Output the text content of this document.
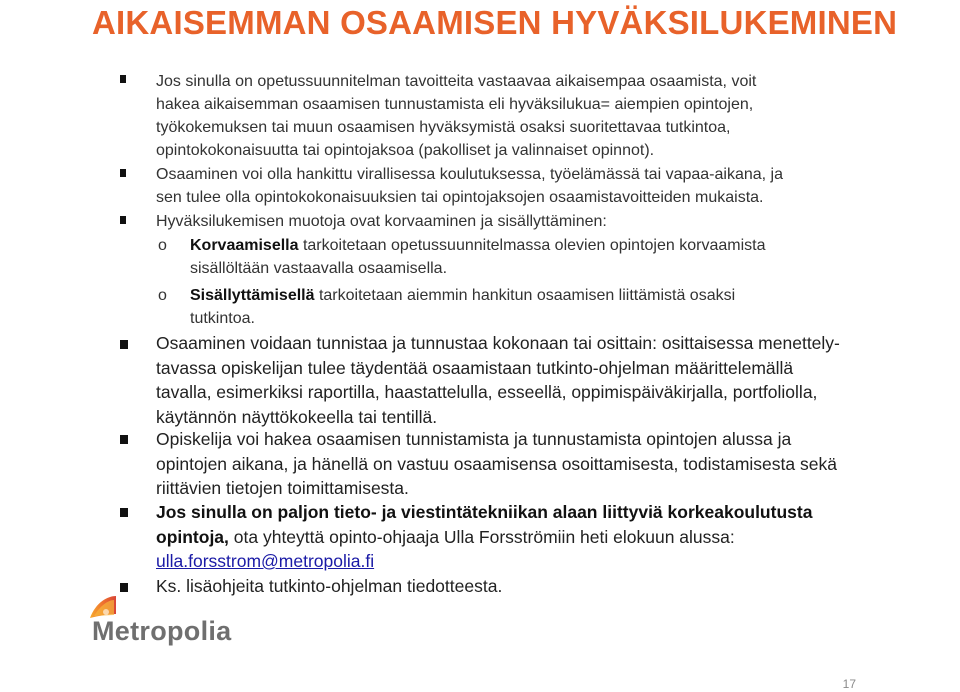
AIKAISEMMAN OSAAMISEN HYVÄKSILUKEMINEN
Jos sinulla on opetussuunnitelman tavoitteita vastaavaa aikaisempaa osaamista, voit
hakea aikaisemman osaamisen tunnustamista eli hyväksilukua= aiempien opintojen,
työkokemuksen tai muun osaamisen hyväksymistä osaksi suoritettavaa tutkintoa,
opintokokonaisuutta tai opintojaksoa (pakolliset ja valinnaiset opinnot).
Osaaminen voi olla hankittu virallisessa koulutuksessa, työelämässä tai vapaa-aikana, ja
sen tulee olla opintokokonaisuuksien tai opintojaksojen osaamistavoitteiden mukaista.
Hyväksilukemisen muotoja ovat korvaaminen ja sisällyttäminen:
o Korvaamisella tarkoitetaan opetussuunnitelmassa olevien opintojen korvaamista
sisällöltään vastaavalla osaamisella.
o Sisällyttämisellä tarkoitetaan aiemmin hankitun osaamisen liittämistä osaksi
tutkintoa.
Osaaminen voidaan tunnistaa ja tunnustaa kokonaan tai osittain: osittaisessa menettely-
tavassa opiskelijan tulee täydentää osaamistaan tutkinto-ohjelman määrittelemällä
tavalla, esimerkiksi raportilla, haastattelulla, esseellä, oppimispäiväkirjalla, portfoliolla,
käytännön näyttökokeella tai tentillä.
Opiskelija voi hakea osaamisen tunnistamista ja tunnustamista opintojen alussa ja
opintojen aikana, ja hänellä on vastuu osaamisensa osoittamisesta, todistamisesta sekä
riittävien tietojen toimittamisesta.
Jos sinulla on paljon tieto- ja viestintätekniikan alaan liittyviä korkeakoulutusta
opintoja, ota yhteyttä opinto-ohjaaja Ulla Forsströmiin heti elokuun alussa:
ulla.forsstrom@metropolia.fi
Ks. lisäohjeita tutkinto-ohjelman tiedotteesta.
Metropolia
17
